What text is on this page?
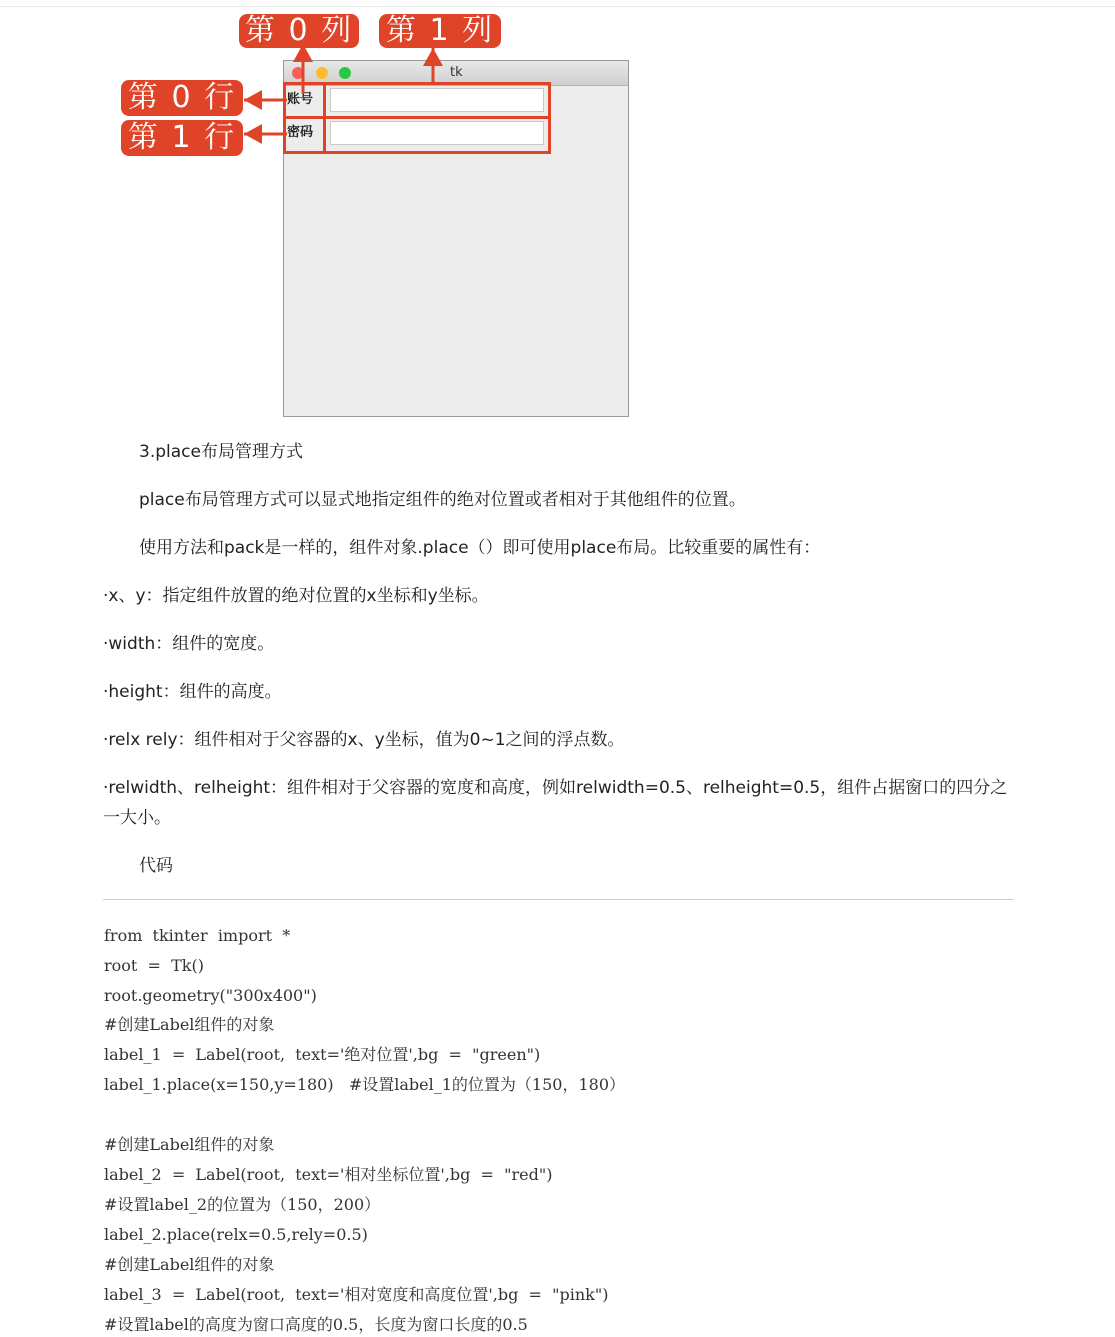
tk
账号
密码
第 0 列 第 1 列
第 0 行
第 1 行
3.place布局管理方式
place布局管理方式可以显式地指定组件的绝对位置或者相对于其他组件的位置。
使用方法和pack是一样的，组件对象.place（）即可使用place布局。比较重要的属性有：
·x、y：指定组件放置的绝对位置的x坐标和y坐标。
·width：组件的宽度。
·height：组件的高度。
·relx rely：组件相对于父容器的x、y坐标，值为0~1之间的浮点数。
·relwidth、relheight：组件相对于父容器的宽度和高度，例如relwidth=0.5、relheight=0.5，组件占据窗口的四分之一大小。
代码
from  tkinter  import  *
root  =  Tk()
root.geometry("300x400")
#创建Label组件的对象
label_1  =  Label(root,  text='绝对位置',bg  =  "green")
label_1.place(x=150,y=180)   #设置label_1的位置为（150，180）
#创建Label组件的对象
label_2  =  Label(root,  text='相对坐标位置',bg  =  "red")
#设置label_2的位置为（150，200）
label_2.place(relx=0.5,rely=0.5)
#创建Label组件的对象
label_3  =  Label(root,  text='相对宽度和高度位置',bg  =  "pink")
#设置label的高度为窗口高度的0.5，长度为窗口长度的0.5
